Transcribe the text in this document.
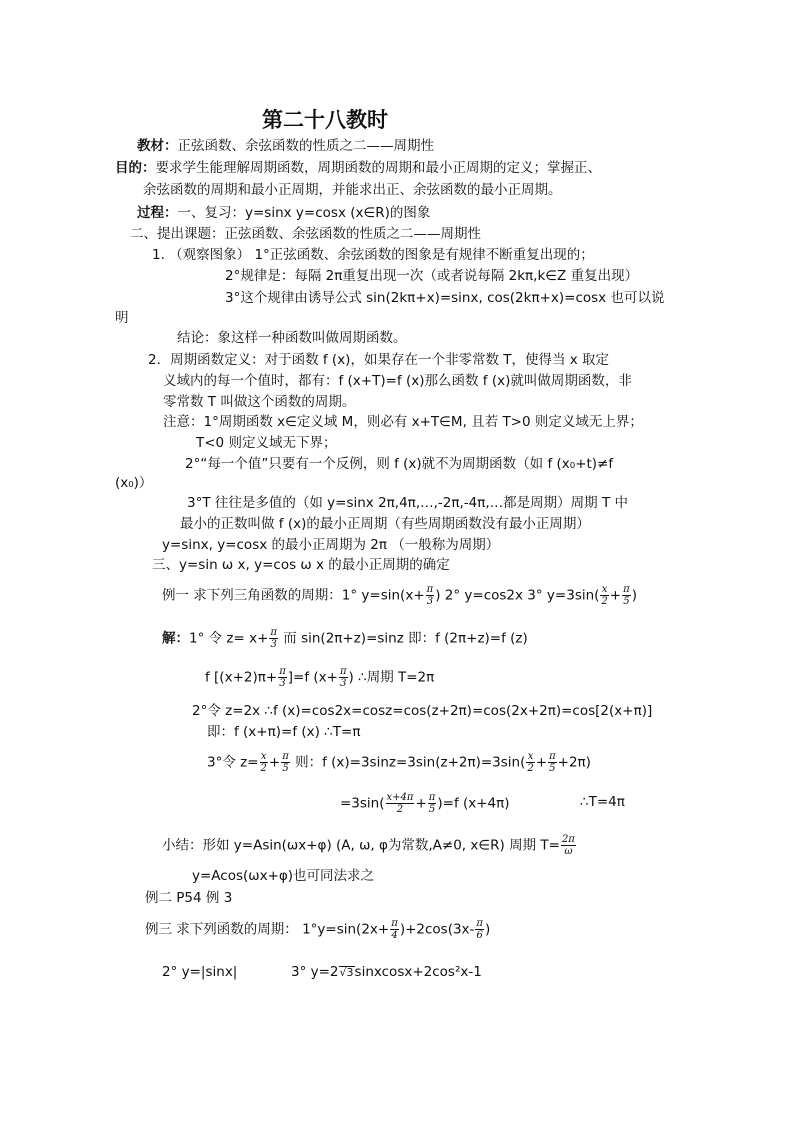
第二十八教时
教材：正弦函数、余弦函数的性质之二——周期性
目的：要求学生能理解周期函数，周期函数的周期和最小正周期的定义；掌握正、
余弦函数的周期和最小正周期，并能求出正、余弦函数的最小正周期。
过程：一、复习：y=sinx y=cosx (x∈R)的图象
二、提出课题：正弦函数、余弦函数的性质之二——周期性
1. （观察图象） 1°正弦函数、余弦函数的图象是有规律不断重复出现的；
2°规律是：每隔 2π重复出现一次（或者说每隔 2kπ,k∈Z 重复出现）
3°这个规律由诱导公式 sin(2kπ+x)=sinx, cos(2kπ+x)=cosx 也可以说
明
结论：象这样一种函数叫做周期函数。
2．周期函数定义：对于函数 f (x)，如果存在一个非零常数 T，使得当 x 取定
义域内的每一个值时，都有：f (x+T)=f (x)那么函数 f (x)就叫做周期函数，非
零常数 T 叫做这个函数的周期。
注意：1°周期函数 x∈定义域 M，则必有 x+T∈M, 且若 T>0 则定义域无上界；
T<0 则定义域无下界；
2°“每一个值”只要有一个反例，则 f (x)就不为周期函数（如 f (x₀+t)≠f
(x₀)）
3°T 往往是多值的（如 y=sinx 2π,4π,…,-2π,-4π,…都是周期）周期 T 中
最小的正数叫做 f (x)的最小正周期（有些周期函数没有最小正周期）
y=sinx, y=cosx 的最小正周期为 2π （一般称为周期）
三、y=sin ω x, y=cos ω x 的最小正周期的确定
例一 求下列三角函数的周期：1° $y=\sin(x+ \frac{\pi}{3}$ ) 2° y=cos2x 3° $y=3\sin( \frac{x}{2} + \frac{\pi}{5}$ )
解：1° 令 $z= x+ \frac{\pi}{3}$ 而 sin(2π+z)=sinz 即：f (2π+z)=f (z)
f $[(x+2)\pi+ \frac{\pi}{3} ]=f$ ($x+ \frac{\pi}{3}$ ) ∴周期 T=2π
2°令 z=2x ∴f (x)=cos2x=cosz=cos(z+2π)=cos(2x+2π)=cos[2(x+π)]
即：f (x+π)=f (x) ∴T=π
3°令 $z= \frac{x}{2} + \frac{\pi}{5}$ 则：f $(x)=3\sin z=3\sin(z+2\pi)=3\sin( \frac{x}{2} + \frac{\pi}{5} +2\pi)$
$=3\sin( \frac{x+4\pi}{2} + \frac{\pi}{5} )=f$ (x+4π)	∴T=4π
小结：形如 y=Asin(ωx+φ) (A, ω, φ为常数,A≠0, x∈R) 周期 $T= \frac{2\pi}{\omega}$
y=Acos(ωx+φ)也可同法求之
例二 P54 例 3
例三 求下列函数的周期： $1^\circ y=\sin(2x+ \frac{\pi}{4} )+2\cos(3x- \frac{\pi}{6}$ )
2° y=|sinx|	3° y=2√3sinxcosx+2cos²x-1
